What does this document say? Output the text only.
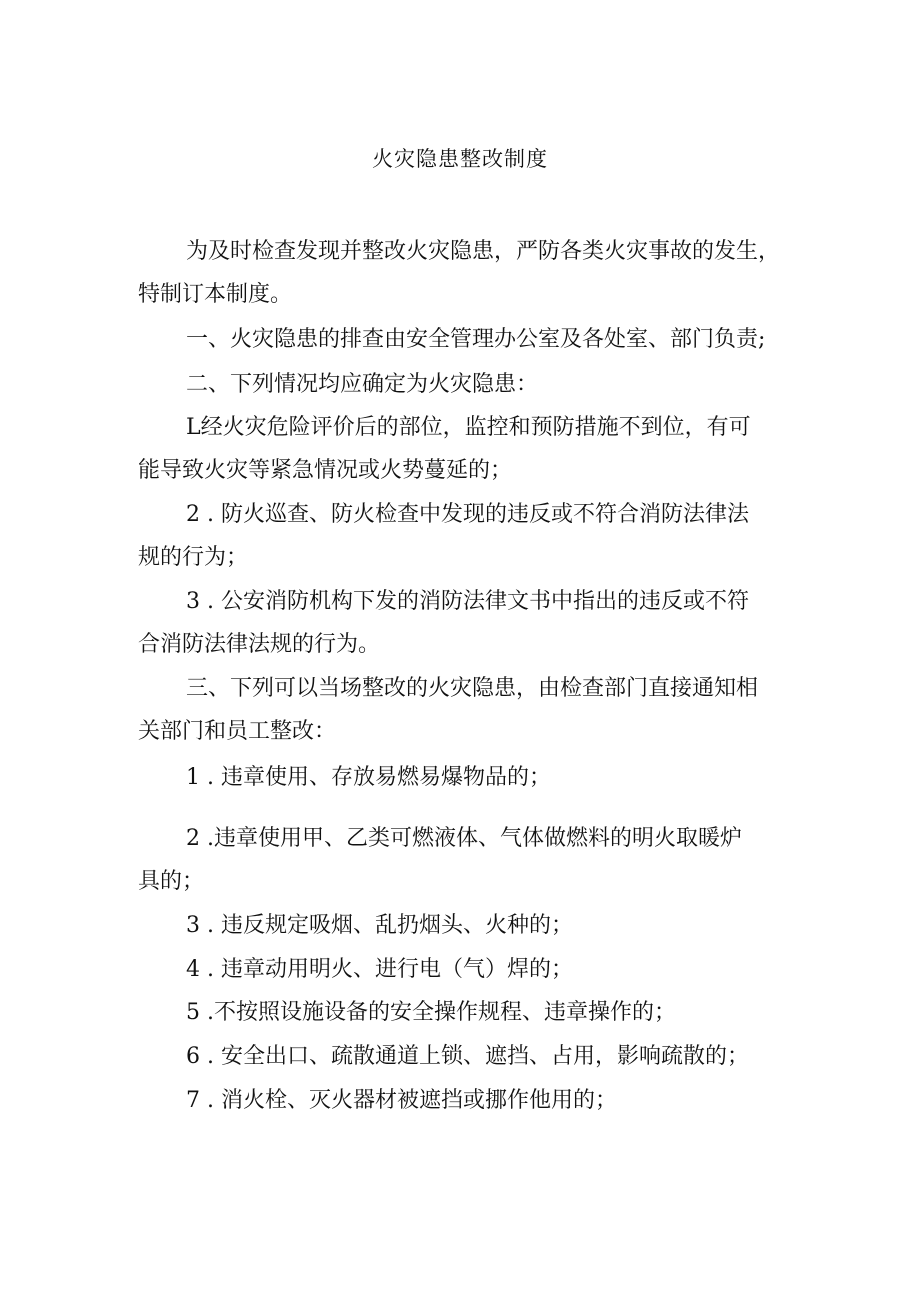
火灾隐患整改制度
为及时检查发现并整改火灾隐患，严防各类火灾事故的发生，
特制订本制度。
一、火灾隐患的排查由安全管理办公室及各处室、部门负责;
二、下列情况均应确定为火灾隐患：
L经火灾危险评价后的部位，监控和预防措施不到位，有可
能导致火灾等紧急情况或火势蔓延的；
2 . 防火巡查、防火检查中发现的违反或不符合消防法律法
规的行为；
3 . 公安消防机构下发的消防法律文书中指出的违反或不符
合消防法律法规的行为。
三、下列可以当场整改的火灾隐患，由检查部门直接通知相
关部门和员工整改：
1 . 违章使用、存放易燃易爆物品的；
2 .违章使用甲、乙类可燃液体、气体做燃料的明火取暖炉
具的；
3 . 违反规定吸烟、乱扔烟头、火种的；
4 . 违章动用明火、进行电（气）焊的；
5 .不按照设施设备的安全操作规程、违章操作的；
6 . 安全出口、疏散通道上锁、遮挡、占用，影响疏散的；
7 . 消火栓、灭火器材被遮挡或挪作他用的；
